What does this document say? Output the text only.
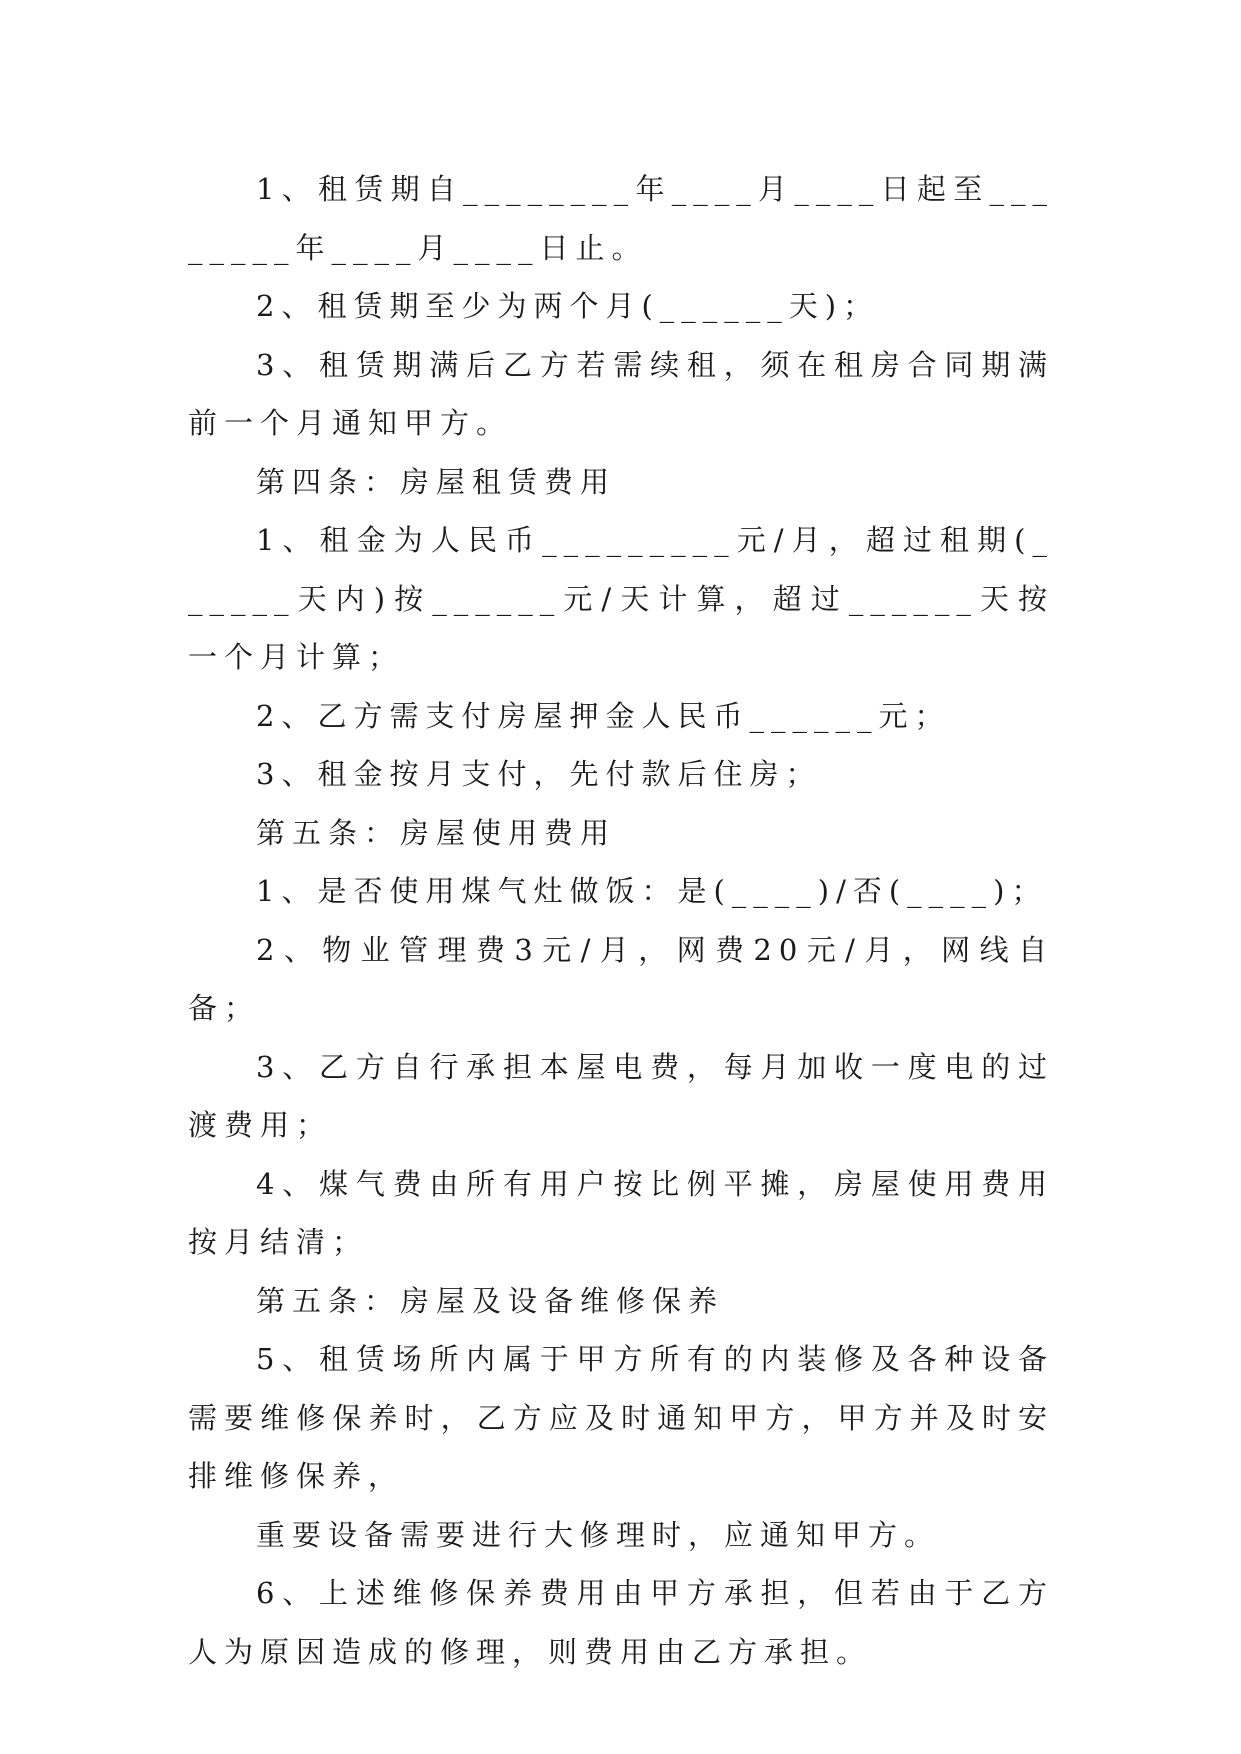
1、租赁期自________年____月____日起至________年____月____日止。

2、租赁期至少为两个月(______天)；

3、租赁期满后乙方若需续租，须在租房合同期满前一个月通知甲方。

第四条：房屋租赁费用

1、租金为人民币_________元/月，超过租期(______天内)按______元/天计算，超过______天按一个月计算；

2、乙方需支付房屋押金人民币______元；

3、租金按月支付，先付款后住房；

第五条：房屋使用费用

1、是否使用煤气灶做饭：是(____)/否(____)；

2、物业管理费3元/月，网费20元/月，网线自备；

3、乙方自行承担本屋电费，每月加收一度电的过渡费用；

4、煤气费由所有用户按比例平摊，房屋使用费用按月结清；

第五条：房屋及设备维修保养

5、租赁场所内属于甲方所有的内装修及各种设备需要维修保养时，乙方应及时通知甲方，甲方并及时安排维修保养，

重要设备需要进行大修理时，应通知甲方。

6、上述维修保养费用由甲方承担，但若由于乙方人为原因造成的修理，则费用由乙方承担。
